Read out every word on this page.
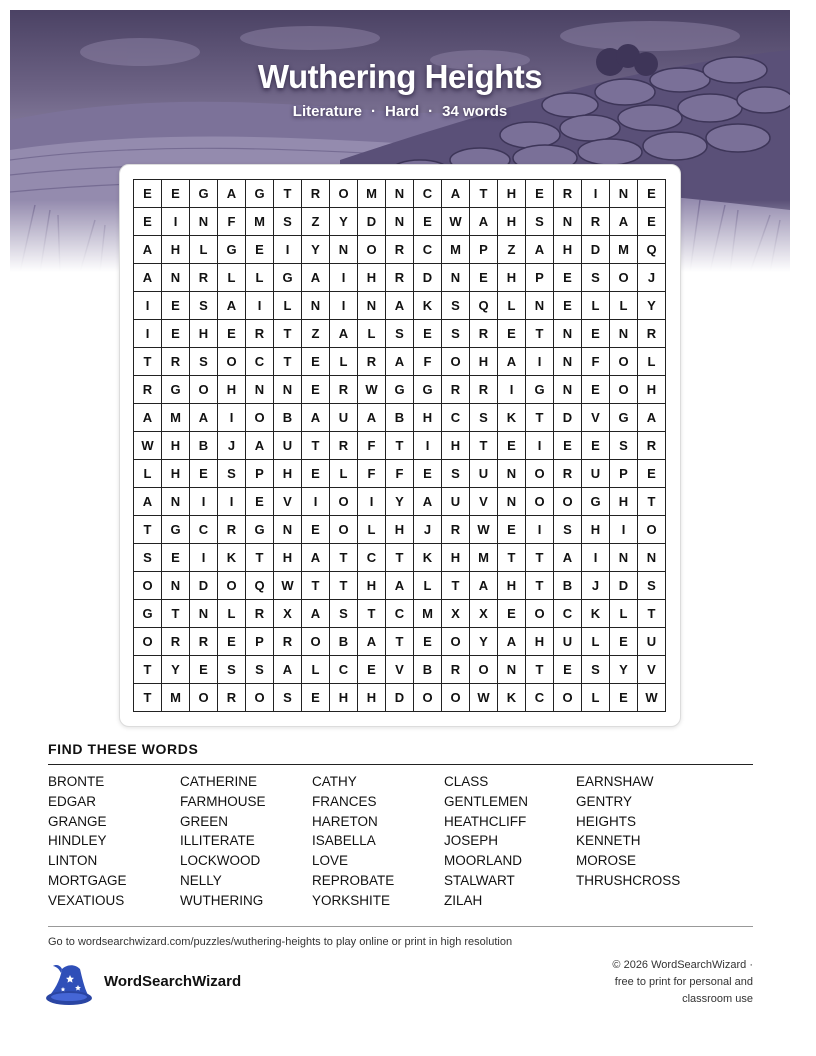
Wuthering Heights
Literature · Hard · 34 words
E	E	G	A	G	T	R	O	M	N	C	A	T	H	E	R	I	N	E
E	I	N	F	M	S	Z	Y	D	N	E	W	A	H	S	N	R	A	E
A	H	L	G	E	I	Y	N	O	R	C	M	P	Z	A	H	D	M	Q
A	N	R	L	L	G	A	I	H	R	D	N	E	H	P	E	S	O	J
I	E	S	A	I	L	N	I	N	A	K	S	Q	L	N	E	L	L	Y
I	E	H	E	R	T	Z	A	L	S	E	S	R	E	T	N	E	N	R
T	R	S	O	C	T	E	L	R	A	F	O	H	A	I	N	F	O	L
R	G	O	H	N	N	E	R	W	G	G	R	R	I	G	N	E	O	H
A	M	A	I	O	B	A	U	A	B	H	C	S	K	T	D	V	G	A
W	H	B	J	A	U	T	R	F	T	I	H	T	E	I	E	E	S	R
L	H	E	S	P	H	E	L	F	F	E	S	U	N	O	R	U	P	E
A	N	I	I	E	V	I	O	I	Y	A	U	V	N	O	O	G	H	T
T	G	C	R	G	N	E	O	L	H	J	R	W	E	I	S	H	I	O
S	E	I	K	T	H	A	T	C	T	K	H	M	T	T	A	I	N	N
O	N	D	O	Q	W	T	T	H	A	L	T	A	H	T	B	J	D	S
G	T	N	L	R	X	A	S	T	C	M	X	X	E	O	C	K	L	T
O	R	R	E	P	R	O	B	A	T	E	O	Y	A	H	U	L	E	U
T	Y	E	S	S	A	L	C	E	V	B	R	O	N	T	E	S	Y	V
T	M	O	R	O	S	E	H	H	D	O	O	W	K	C	O	L	E	W
FIND THESE WORDS
BRONTE	CATHERINE	CATHY	CLASS	EARNSHAW
EDGAR	FARMHOUSE	FRANCES	GENTLEMEN	GENTRY
GRANGE	GREEN	HARETON	HEATHCLIFF	HEIGHTS
HINDLEY	ILLITERATE	ISABELLA	JOSEPH	KENNETH
LINTON	LOCKWOOD	LOVE	MOORLAND	MOROSE
MORTGAGE	NELLY	REPROBATE	STALWART	THRUSHCROSS
VEXATIOUS	WUTHERING	YORKSHITE	ZILAH
Go to wordsearchwizard.com/puzzles/wuthering-heights to play online or print in high resolution
WordSearchWizard
© 2026 WordSearchWizard ·
free to print for personal and
classroom use
